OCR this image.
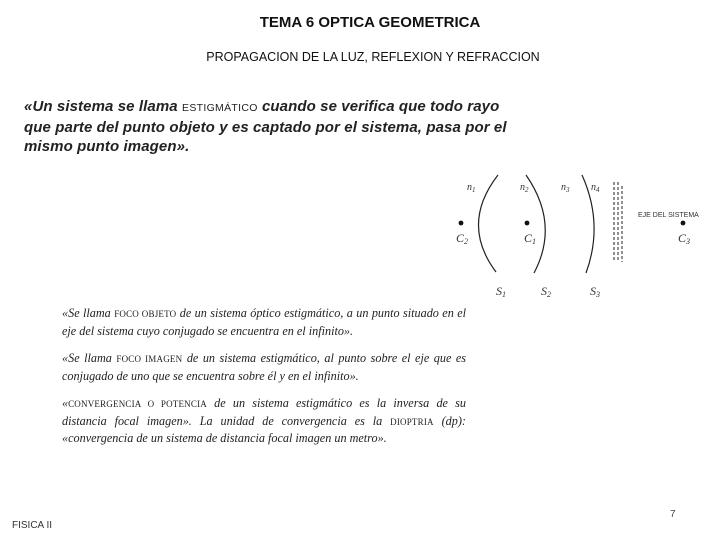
TEMA 6 OPTICA GEOMETRICA
PROPAGACION DE LA LUZ, REFLEXION Y REFRACCION
«Un sistema se llama ESTIGMÁTICO cuando se verifica que todo rayo que parte del punto objeto y es captado por el sistema, pasa por el mismo punto imagen».
$n_1$	$n_2$	$n_3$ $n_4$
C2	C1	C3
S1	S2	S3
EJE DEL SISTEMA
«Se llama FOCO OBJETO de un sistema óptico estigmático, a un punto situado en el eje del sistema cuyo conjugado se encuentra en el infinito».
«Se llama FOCO IMAGEN de un sistema estigmático, al punto sobre el eje que es conjugado de uno que se encuentra sobre él y en el infinito».
«CONVERGENCIA O POTENCIA de un sistema estigmático es la inversa de su distancia focal imagen». La unidad de convergencia es la DIOPTRIA (dp): «convergencia de un sistema de distancia focal imagen un metro».
FISICA II
7
